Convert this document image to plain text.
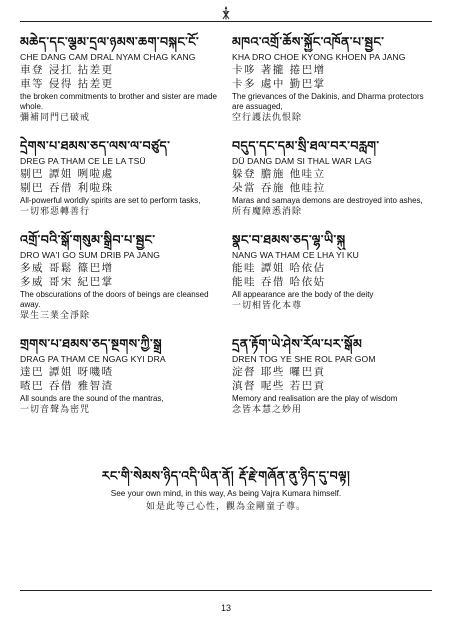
མཆེད་དང་ལྕམ་དྲལ་ཉམས་ཆག་བསྐང་ངོ་
CHE DANG CAM DRAL NYAM CHAG KANG
車登 浸扛 拈差更
車等 侵得 拈差更
the broken commitments to brother and sister are made whole.
彌補同門已破戒
མཁའ་འགྲོ་ཆོས་སྐྱོང་འཁོན་པ་སྦྱང་
KHA DRO CHOE KYONG KHOEN PA JANG
卡哆 著攏 捲巴增
卡多 處中 勤巴掌
The grievances of the Dakinis, and Dharma protectors are assuaged,
空行護法仇恨除
དྲེགས་པ་ཐམས་ཅད་ལས་ལ་བཙུད་
DREG PA THAM CE LE LA TSÜ
剔巴 譚姐 咧啦處
剔巴 吞借 利啦珠
All-powerful worldly spirits are set to perform tasks,
一切邪惡轉善行
བདུད་དང་དམ་སྲི་ཐལ་བར་བརླག་
DÜ DANG DAM SI THAL WAR LAG
躲登 膽施 他哇立
朵當 吞施 他哇拉
Maras and samaya demons are destroyed into ashes,
所有魔障悉消除
འགྲོ་བའི་སྒོ་གསུམ་སྒྲིབ་པ་སྦྱང་
DRO WA'I GO SUM DRIB PA JANG
多威 哥鬆 篠巴增
多威 哥宋 紀巴掌
The obscurations of the doors of beings are cleansed away.
眾生三業全淨除
སྣང་བ་ཐམས་ཅད་ལྷ་ཡི་སྐུ
NANG WA THAM CE LHA YI KU
能哇 譚姐 哈依佔
能哇 吞借 哈依姑
All appearance are the body of the deity
一切相皆化本尊
གྲགས་པ་ཐམས་ཅད་སྔགས་ཀྱི་སྒྲ
DRAG PA THAM CE NGAG KYI DRA
達巴 譚姐 呀嘰喳
喳巴 吞借 雅智渣
All sounds are the sound of the mantras,
一切音聲為密咒
དྲན་རྟོག་ཡེ་ཤེས་རོལ་པར་སྒོམ
DREN TOG YE SHE ROL PAR GOM
淀督 耶些 囉巴貢
滇督 呢些 若巴貢
Memory and realisation are the play of wisdom
念皆本慧之妙用
རང་གི་སེམས་ཉིད་འདི་ཡིན་ནོ། རྡོ་རྗེ་གཞོན་ནུ་ཉིད་དུ་བལྟ།
See your own mind, in this way, As being Vajra Kumara himself.
如是此等己心性，觀為金剛童子尊。
13
